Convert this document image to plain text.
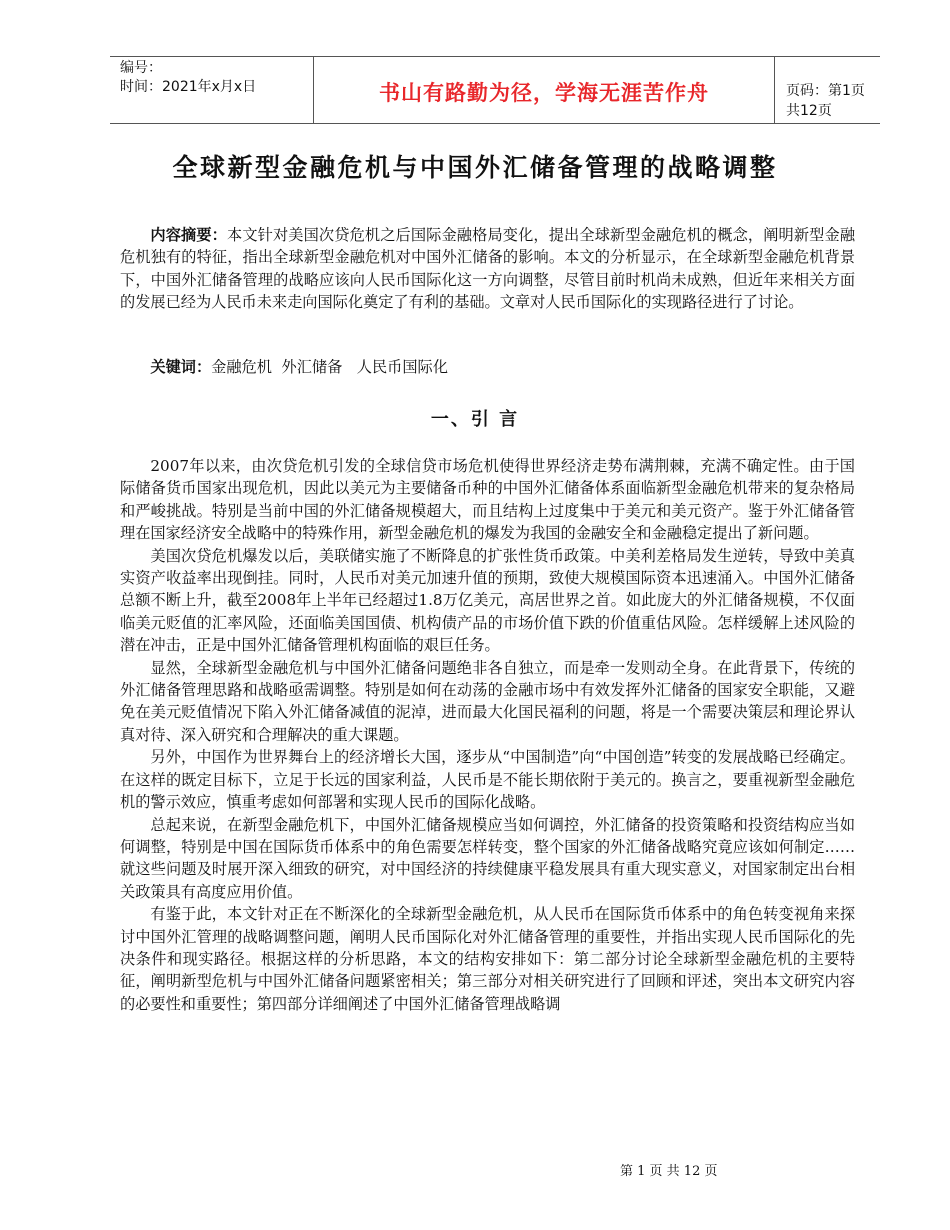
编号：
时间：2021年x月x日	书山有路勤为径，学海无涯苦作舟	页码：第1页 共12页
全球新型金融危机与中国外汇储备管理的战略调整

内容摘要：本文针对美国次贷危机之后国际金融格局变化，提出全球新型金融危机的概念，阐明新型金融危机独有的特征，指出全球新型金融危机对中国外汇储备的影响。本文的分析显示，在全球新型金融危机背景下，中国外汇储备管理的战略应该向人民币国际化这一方向调整，尽管目前时机尚未成熟，但近年来相关方面的发展已经为人民币未来走向国际化奠定了有利的基础。文章对人民币国际化的实现路径进行了讨论。

关键词：金融危机  外汇储备   人民币国际化

一、引 言

2007年以来，由次贷危机引发的全球信贷市场危机使得世界经济走势布满荆棘，充满不确定性。由于国际储备货币国家出现危机，因此以美元为主要储备币种的中国外汇储备体系面临新型金融危机带来的复杂格局和严峻挑战。特别是当前中国的外汇储备规模超大，而且结构上过度集中于美元和美元资产。鉴于外汇储备管理在国家经济安全战略中的特殊作用，新型金融危机的爆发为我国的金融安全和金融稳定提出了新问题。

美国次贷危机爆发以后，美联储实施了不断降息的扩张性货币政策。中美利差格局发生逆转，导致中美真实资产收益率出现倒挂。同时，人民币对美元加速升值的预期，致使大规模国际资本迅速涌入。中国外汇储备总额不断上升，截至2008年上半年已经超过1.8万亿美元，高居世界之首。如此庞大的外汇储备规模，不仅面临美元贬值的汇率风险，还面临美国国债、机构债产品的市场价值下跌的价值重估风险。怎样缓解上述风险的潜在冲击，正是中国外汇储备管理机构面临的艰巨任务。

显然，全球新型金融危机与中国外汇储备问题绝非各自独立，而是牵一发则动全身。在此背景下，传统的外汇储备管理思路和战略亟需调整。特别是如何在动荡的金融市场中有效发挥外汇储备的国家安全职能，又避免在美元贬值情况下陷入外汇储备减值的泥淖，进而最大化国民福利的问题，将是一个需要决策层和理论界认真对待、深入研究和合理解决的重大课题。

另外，中国作为世界舞台上的经济增长大国，逐步从“中国制造”向“中国创造”转变的发展战略已经确定。在这样的既定目标下，立足于长远的国家利益，人民币是不能长期依附于美元的。换言之，要重视新型金融危机的警示效应，慎重考虑如何部署和实现人民币的国际化战略。

总起来说，在新型金融危机下，中国外汇储备规模应当如何调控，外汇储备的投资策略和投资结构应当如何调整，特别是中国在国际货币体系中的角色需要怎样转变，整个国家的外汇储备战略究竟应该如何制定……就这些问题及时展开深入细致的研究，对中国经济的持续健康平稳发展具有重大现实意义，对国家制定出台相关政策具有高度应用价值。

有鉴于此，本文针对正在不断深化的全球新型金融危机，从人民币在国际货币体系中的角色转变视角来探讨中国外汇管理的战略调整问题，阐明人民币国际化对外汇储备管理的重要性，并指出实现人民币国际化的先决条件和现实路径。根据这样的分析思路，本文的结构安排如下：第二部分讨论全球新型金融危机的主要特征，阐明新型危机与中国外汇储备问题紧密相关；第三部分对相关研究进行了回顾和评述，突出本文研究内容的必要性和重要性；第四部分详细阐述了中国外汇储备管理战略调

第 1 页 共 12 页
